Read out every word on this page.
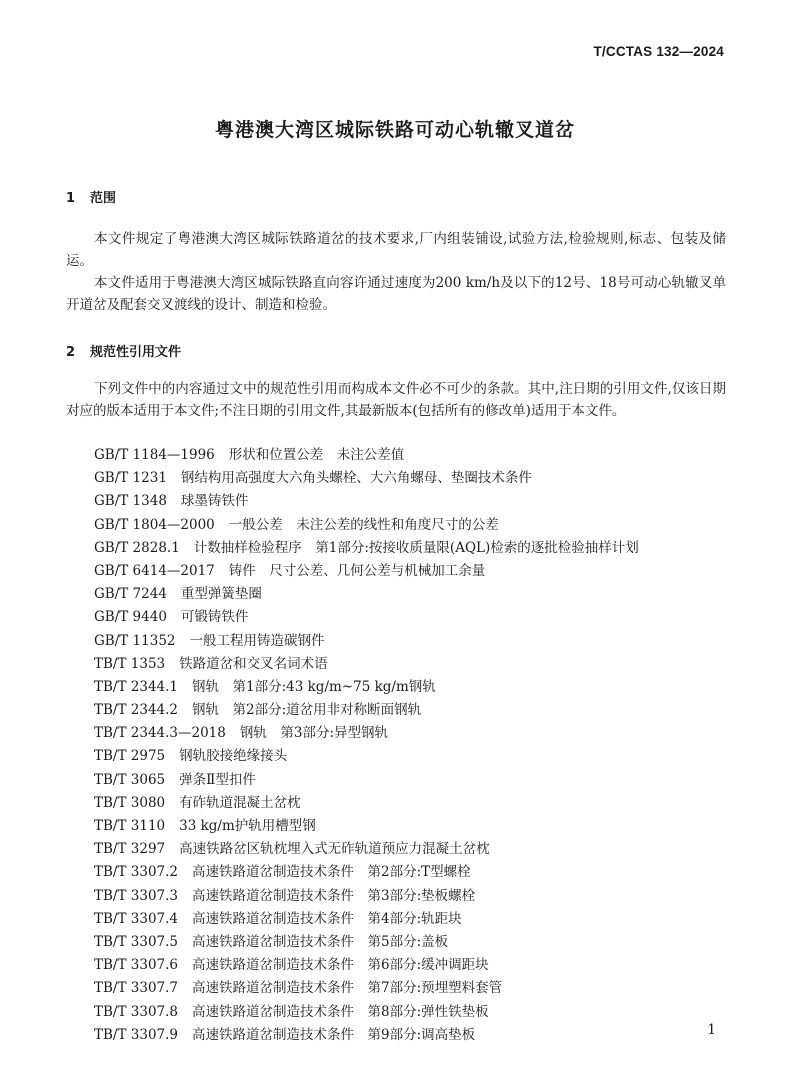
T/CCTAS 132—2024
粤港澳大湾区城际铁路可动心轨辙叉道岔
1 范围

本文件规定了粤港澳大湾区城际铁路道岔的技术要求,厂内组装铺设,试验方法,检验规则,标志、包装及储运。

本文件适用于粤港澳大湾区城际铁路直向容许通过速度为200 km/h及以下的12号、18号可动心轨辙叉单开道岔及配套交叉渡线的设计、制造和检验。

2 规范性引用文件

下列文件中的内容通过文中的规范性引用而构成本文件必不可少的条款。其中,注日期的引用文件,仅该日期对应的版本适用于本文件;不注日期的引用文件,其最新版本(包括所有的修改单)适用于本文件。

GB/T 1184—1996 形状和位置公差　未注公差值
GB/T 1231 钢结构用高强度大六角头螺栓、大六角螺母、垫圈技术条件
GB/T 1348 球墨铸铁件
GB/T 1804—2000 一般公差　未注公差的线性和角度尺寸的公差
GB/T 2828.1 计数抽样检验程序　第1部分:按接收质量限(AQL)检索的逐批检验抽样计划
GB/T 6414—2017 铸件　尺寸公差、几何公差与机械加工余量
GB/T 7244 重型弹簧垫圈
GB/T 9440 可锻铸铁件
GB/T 11352 一般工程用铸造碳钢件
TB/T 1353 铁路道岔和交叉名词术语
TB/T 2344.1 钢轨　第1部分:43 kg/m~75 kg/m钢轨
TB/T 2344.2 钢轨　第2部分:道岔用非对称断面钢轨
TB/T 2344.3—2018 钢轨　第3部分:异型钢轨
TB/T 2975 钢轨胶接绝缘接头
TB/T 3065 弹条Ⅱ型扣件
TB/T 3080 有砟轨道混凝土岔枕
TB/T 3110 33 kg/m护轨用槽型钢
TB/T 3297 高速铁路岔区轨枕埋入式无砟轨道预应力混凝土岔枕
TB/T 3307.2 高速铁路道岔制造技术条件　第2部分:T型螺栓
TB/T 3307.3 高速铁路道岔制造技术条件　第3部分:垫板螺栓
TB/T 3307.4 高速铁路道岔制造技术条件　第4部分:轨距块
TB/T 3307.5 高速铁路道岔制造技术条件　第5部分:盖板
TB/T 3307.6 高速铁路道岔制造技术条件　第6部分:缓冲调距块
TB/T 3307.7 高速铁路道岔制造技术条件　第7部分:预埋塑料套管
TB/T 3307.8 高速铁路道岔制造技术条件　第8部分:弹性铁垫板
TB/T 3307.9 高速铁路道岔制造技术条件　第9部分:调高垫板	1
